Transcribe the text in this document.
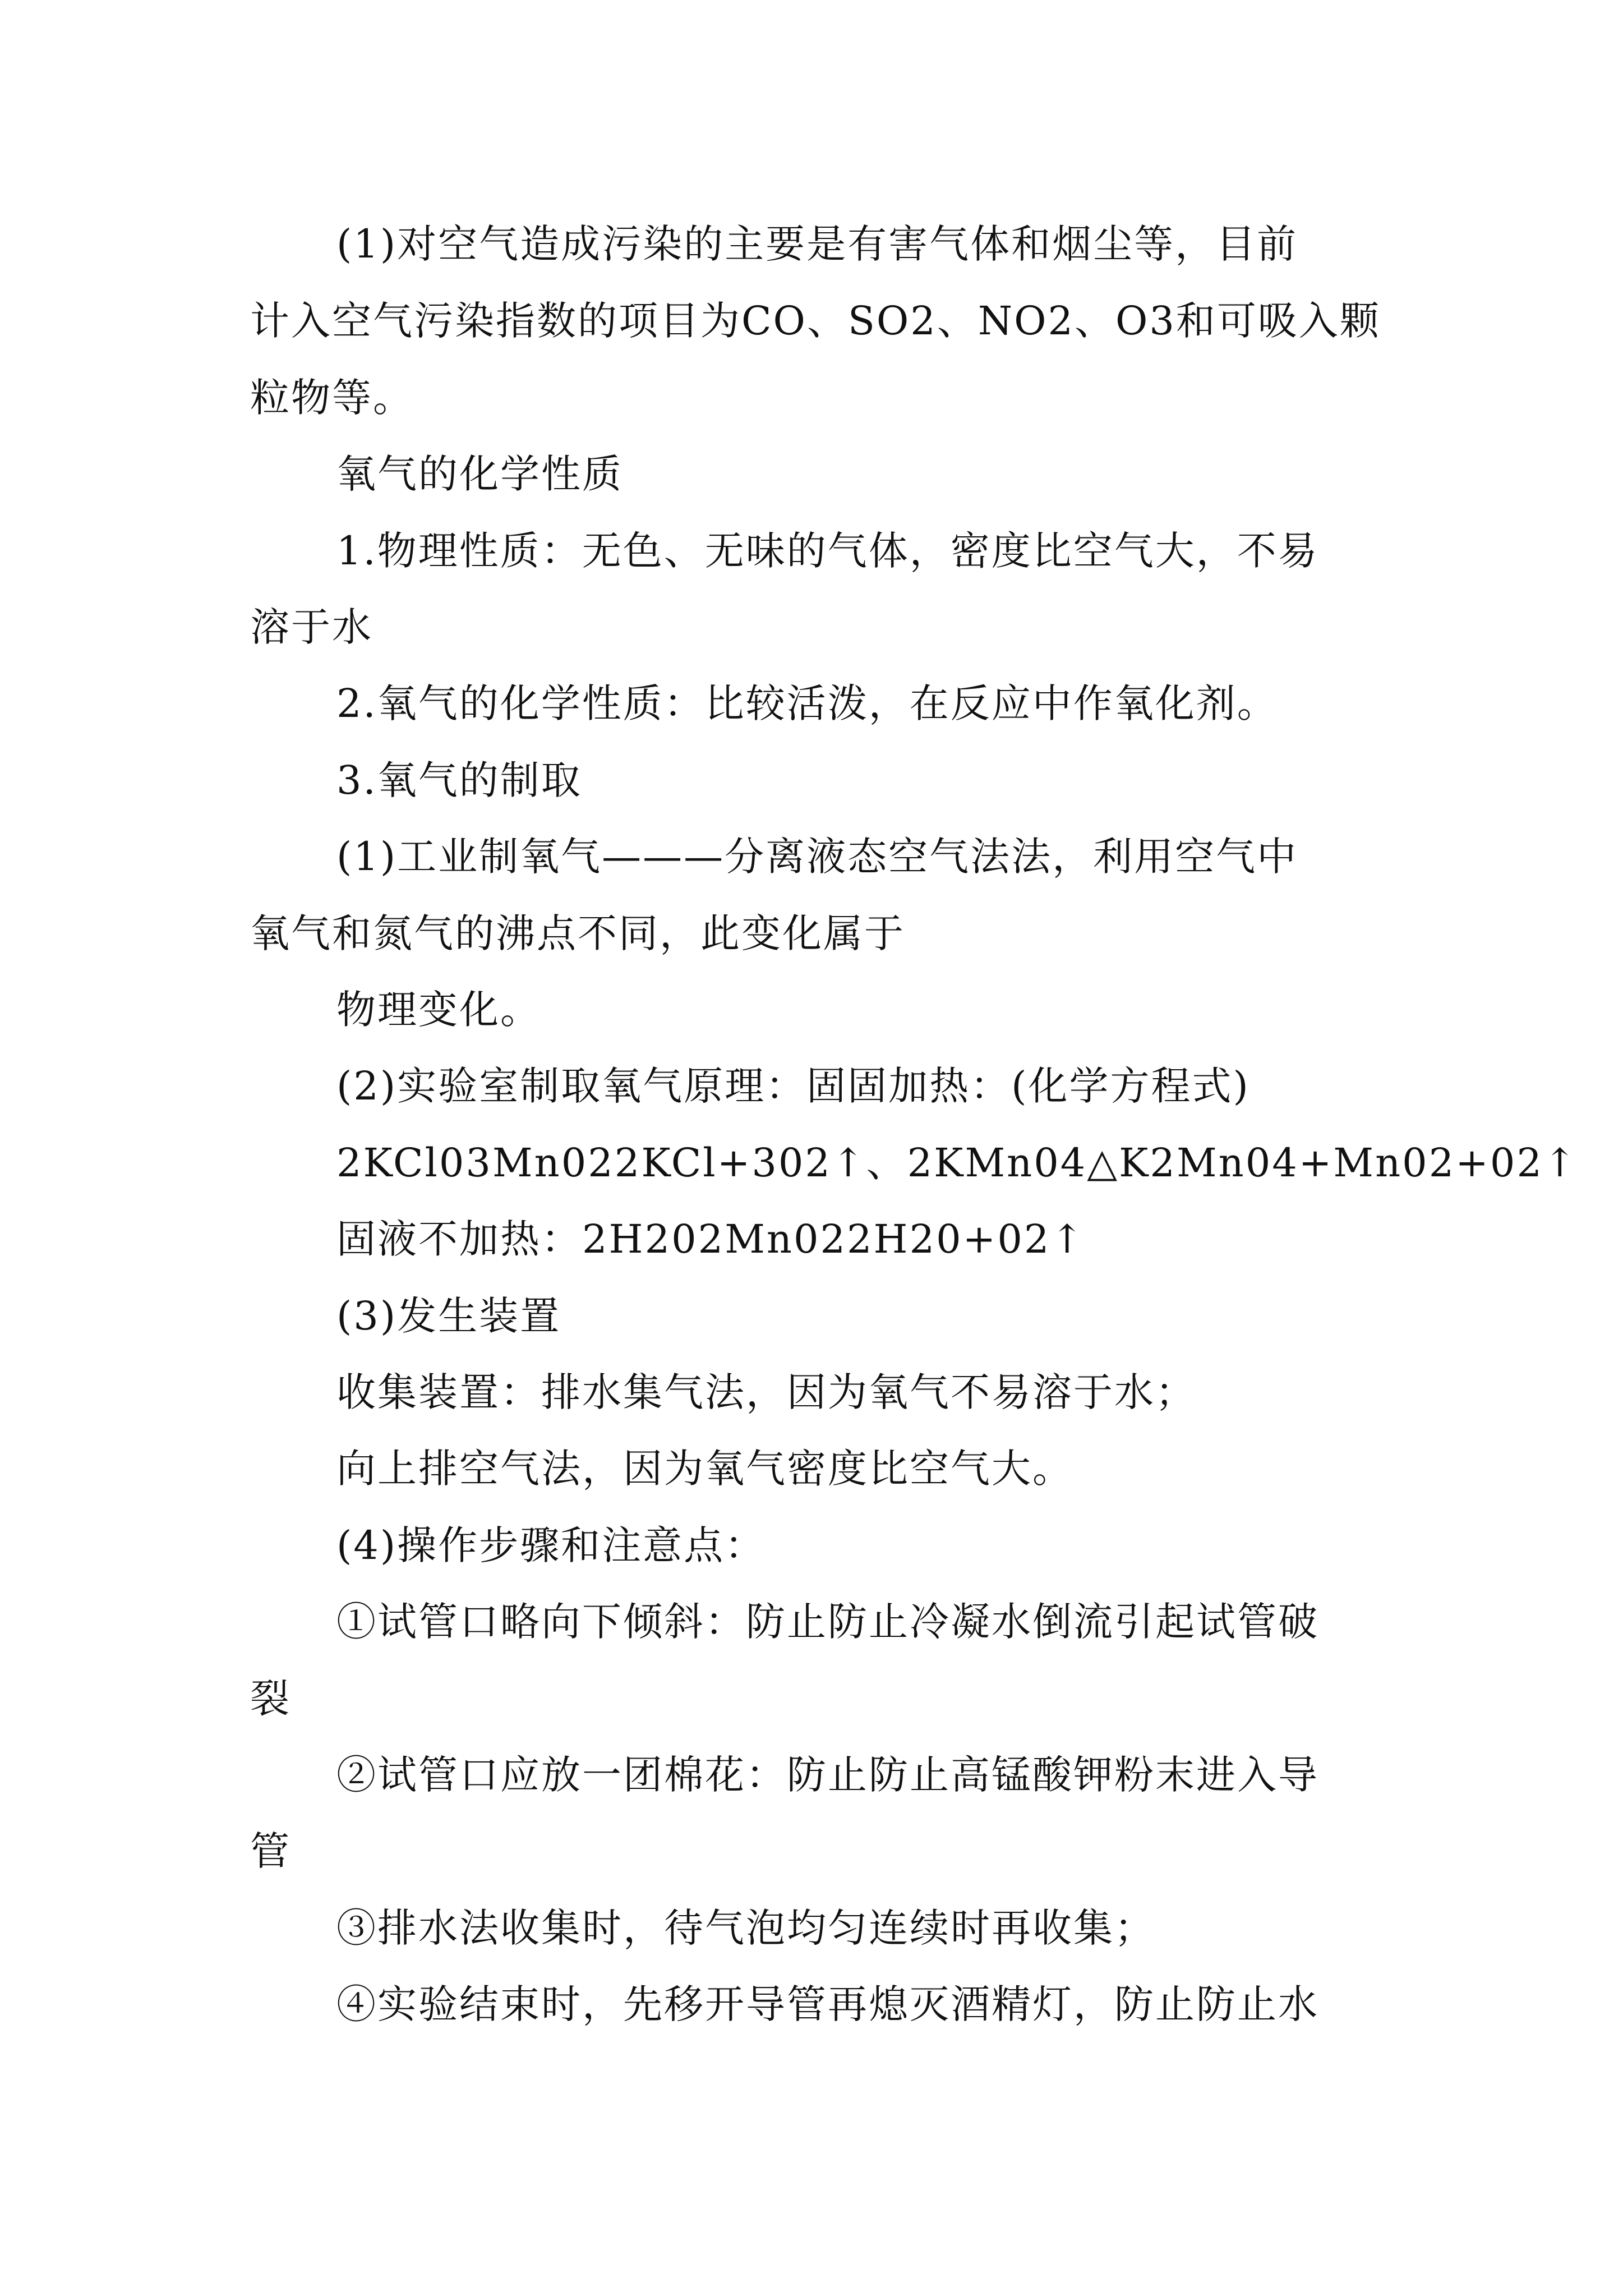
(1)对空气造成污染的主要是有害气体和烟尘等，目前
计入空气污染指数的项目为CO、SO2、NO2、O3和可吸入颗
粒物等。
氧气的化学性质
1.物理性质：无色、无味的气体，密度比空气大，不易
溶于水
2.氧气的化学性质：比较活泼，在反应中作氧化剂。
3.氧气的制取
(1)工业制氧气———分离液态空气法法，利用空气中
氧气和氮气的沸点不同，此变化属于
物理变化。
(2)实验室制取氧气原理：固固加热：(化学方程式)
2KCl03Mn022KCl+302↑、2KMn04△K2Mn04+Mn02+02↑
固液不加热：2H202Mn022H20+02↑
(3)发生装置
收集装置：排水集气法，因为氧气不易溶于水；
向上排空气法，因为氧气密度比空气大。
(4)操作步骤和注意点：
①试管口略向下倾斜：防止防止冷凝水倒流引起试管破
裂
②试管口应放一团棉花：防止防止高锰酸钾粉末进入导
管
③排水法收集时，待气泡均匀连续时再收集；
④实验结束时，先移开导管再熄灭酒精灯，防止防止水
